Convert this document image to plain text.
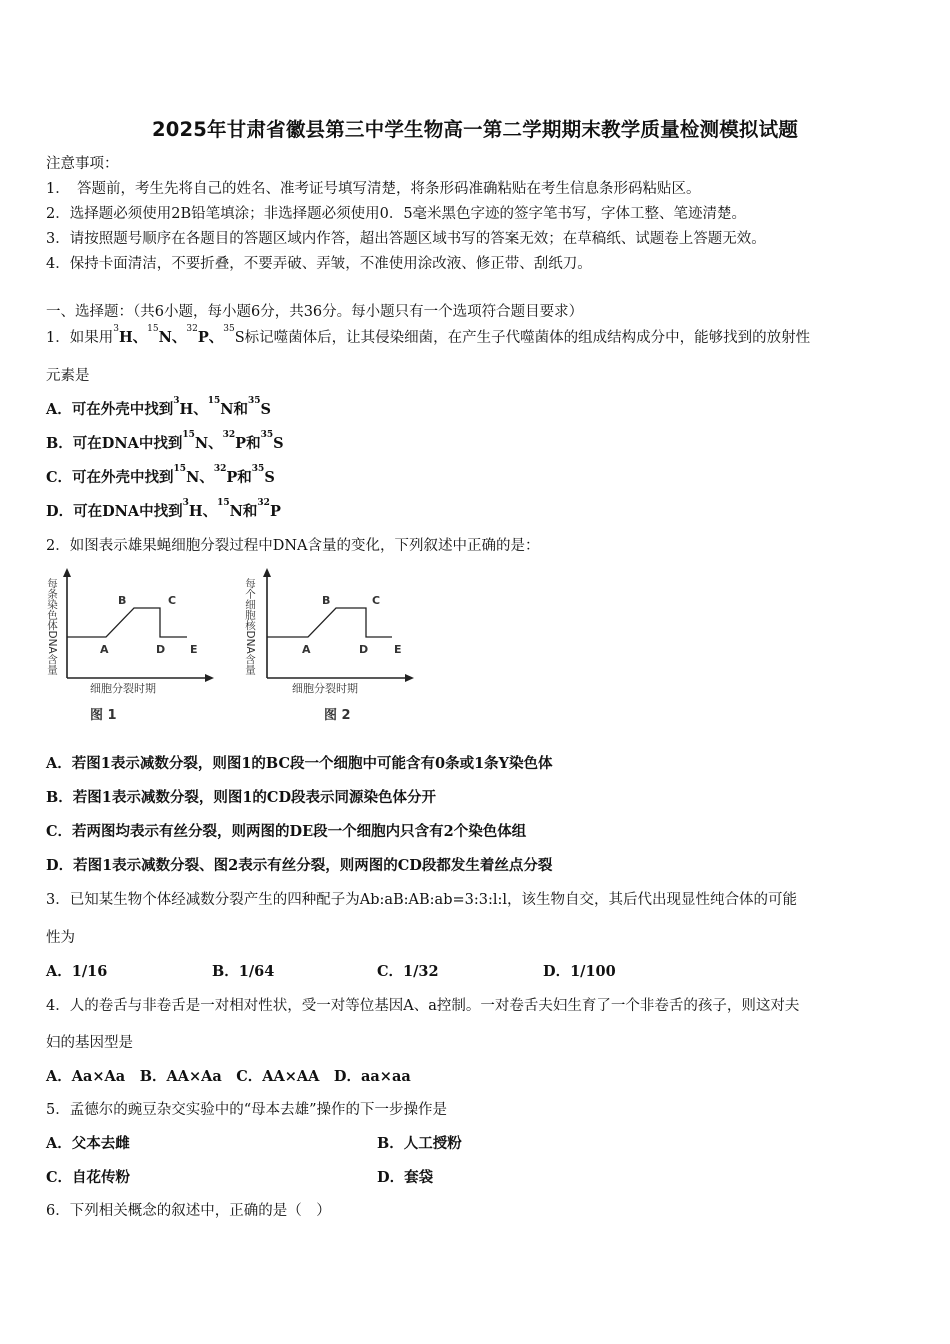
2025年甘肃省徽县第三中学生物高一第二学期期末教学质量检测模拟试题
注意事项：
1．　答题前，考生先将自己的姓名、准考证号填写清楚，将条形码准确粘贴在考生信息条形码粘贴区。
2．选择题必须使用2B铅笔填涂；非选择题必须使用0．5毫米黑色字迹的签字笔书写，字体工整、笔迹清楚。
3．请按照题号顺序在各题目的答题区域内作答，超出答题区域书写的答案无效；在草稿纸、试题卷上答题无效。
4．保持卡面清洁，不要折叠，不要弄破、弄皱，不准使用涂改液、修正带、刮纸刀。
一、选择题：（共6小题，每小题6分，共36分。每小题只有一个选项符合题目要求）
1．如果用$^3$H、$^{15}$N、$^{32}$P、$^{35}$S标记噬菌体后，让其侵染细菌，在产生子代噬菌体的组成结构成分中，能够找到的放射性
元素是
A．可在外壳中找到$^3$H、$^{15}$N和$^{35}$S
B．可在DNA中找到$^{15}$N、$^{32}$P和$^{35}$S
C．可在外壳中找到$^{15}$N、$^{32}$P和$^{35}$S
D．可在DNA中找到$^3$H、$^{15}$N和$^{32}$P
2．如图表示雄果蝇细胞分裂过程中DNA含量的变化，下列叙述中正确的是：
每条染色体DNA含量	A
B	C
D E
细胞分裂时期
图 1
每个细胞核DNA含量	A
B	C
D E
细胞分裂时期
图 2
A．若图1表示减数分裂，则图1的BC段一个细胞中可能含有0条或1条Y染色体
B．若图1表示减数分裂，则图1的CD段表示同源染色体分开
C．若两图均表示有丝分裂，则两图的DE段一个细胞内只含有2个染色体组
D．若图1表示减数分裂、图2表示有丝分裂，则两图的CD段都发生着丝点分裂
3．已知某生物个体经减数分裂产生的四种配子为Ab:aB:AB:ab=3:3:l:l，该生物自交，其后代出现显性纯合体的可能
性为
A．1/16	B．1/64	C．1/32	D．1/100
4．人的卷舌与非卷舌是一对相对性状，受一对等位基因A、a控制。一对卷舌夫妇生育了一个非卷舌的孩子，则这对夫
妇的基因型是
A．Aa×Aa　B．AA×Aa　C．AA×AA　D．aa×aa
5．孟德尔的豌豆杂交实验中的“母本去雄”操作的下一步操作是
A．父本去雌	B．人工授粉
C．自花传粉	D．套袋
6．下列相关概念的叙述中，正确的是（　）
